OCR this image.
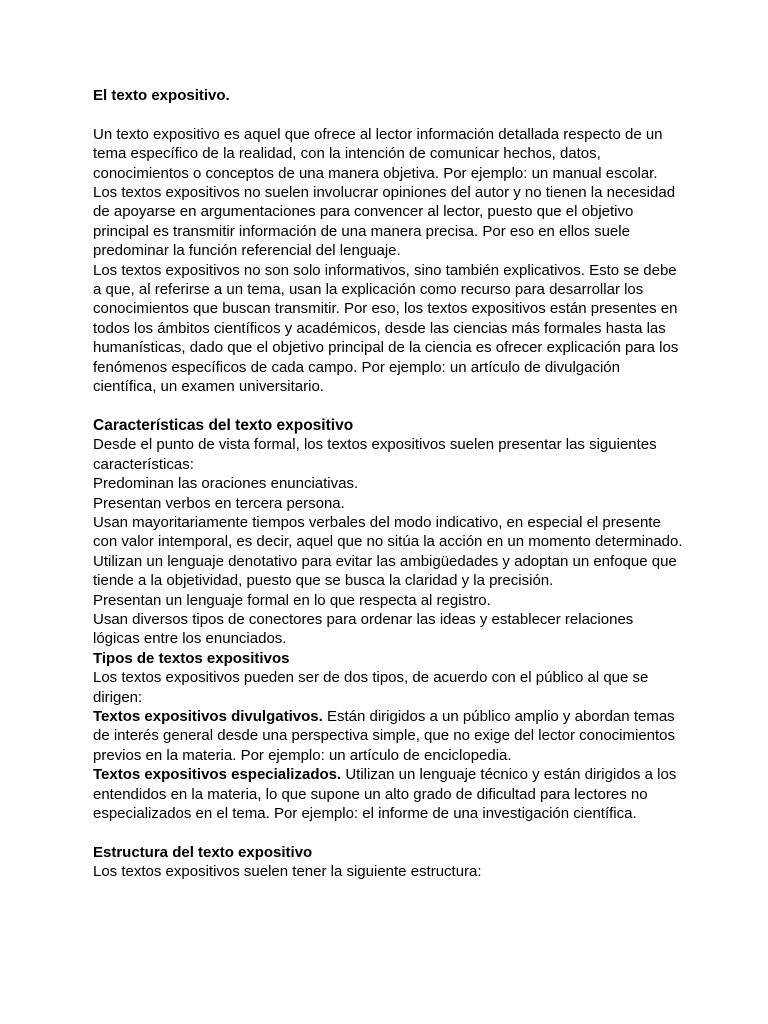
El texto expositivo.

Un texto expositivo es aquel que ofrece al lector información detallada respecto de un tema específico de la realidad, con la intención de comunicar hechos, datos, conocimientos o conceptos de una manera objetiva. Por ejemplo: un manual escolar.

Los textos expositivos no suelen involucrar opiniones del autor y no tienen la necesidad de apoyarse en argumentaciones para convencer al lector, puesto que el objetivo principal es transmitir información de una manera precisa. Por eso en ellos suele predominar la función referencial del lenguaje.

Los textos expositivos no son solo informativos, sino también explicativos. Esto se debe a que, al referirse a un tema, usan la explicación como recurso para desarrollar los conocimientos que buscan transmitir. Por eso, los textos expositivos están presentes en todos los ámbitos científicos y académicos, desde las ciencias más formales hasta las humanísticas, dado que el objetivo principal de la ciencia es ofrecer explicación para los fenómenos específicos de cada campo. Por ejemplo: un artículo de divulgación científica, un examen universitario.

Características del texto expositivo

Desde el punto de vista formal, los textos expositivos suelen presentar las siguientes características:

Predominan las oraciones enunciativas.

Presentan verbos en tercera persona.

Usan mayoritariamente tiempos verbales del modo indicativo, en especial el presente con valor intemporal, es decir, aquel que no sitúa la acción en un momento determinado.

Utilizan un lenguaje denotativo para evitar las ambigüedades y adoptan un enfoque que tiende a la objetividad, puesto que se busca la claridad y la precisión.

Presentan un lenguaje formal en lo que respecta al registro.

Usan diversos tipos de conectores para ordenar las ideas y establecer relaciones lógicas entre los enunciados.

Tipos de textos expositivos

Los textos expositivos pueden ser de dos tipos, de acuerdo con el público al que se dirigen:

Textos expositivos divulgativos. Están dirigidos a un público amplio y abordan temas de interés general desde una perspectiva simple, que no exige del lector conocimientos previos en la materia. Por ejemplo: un artículo de enciclopedia.

Textos expositivos especializados. Utilizan un lenguaje técnico y están dirigidos a los entendidos en la materia, lo que supone un alto grado de dificultad para lectores no especializados en el tema. Por ejemplo: el informe de una investigación científica.

Estructura del texto expositivo

Los textos expositivos suelen tener la siguiente estructura:
